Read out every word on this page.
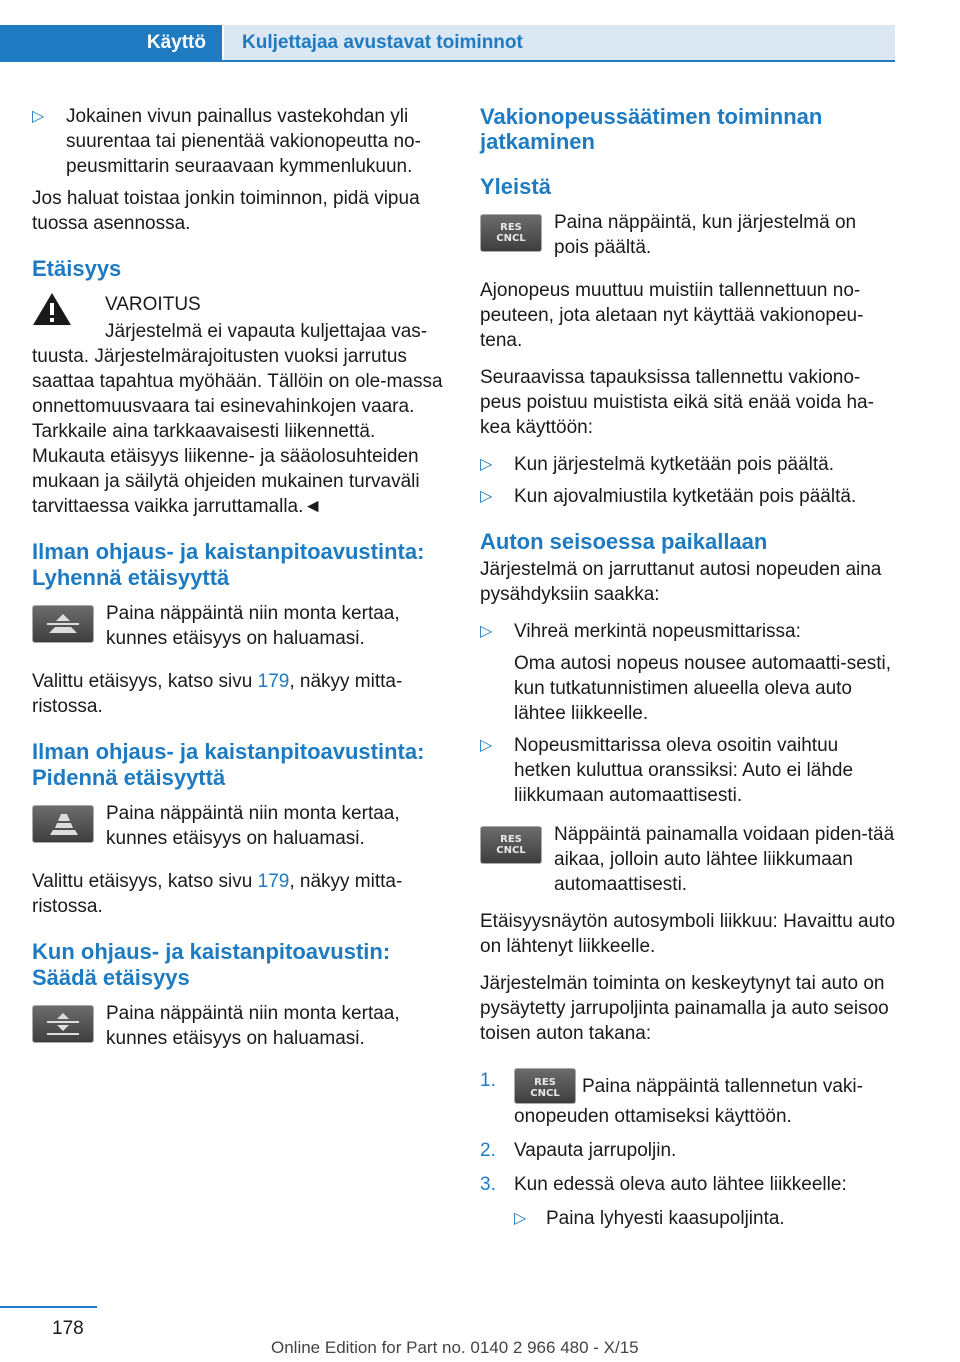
Käyttö	Kuljettajaa avustavat toiminnot
▷ Jokainen vivun painallus vastekohdan yli suurentaa tai pienentää vakionopeutta no-peusmittarin seuraavaan kymmenlukuun.

Jos haluat toistaa jonkin toiminnon, pidä vipua tuossa asennossa.

Etäisyys
VAROITUS
Järjestelmä ei vapauta kuljettajaa vas-

tuusta. Järjestelmärajoitusten vuoksi jarrutus saattaa tapahtua myöhään. Tällöin on ole-massa onnettomuusvaara tai esinevahinkojen vaara. Tarkkaile aina tarkkaavaisesti liikennettä. Mukauta etäisyys liikenne- ja sääolosuhteiden mukaan ja säilytä ohjeiden mukainen turvaväli tarvittaessa vaikka jarruttamalla.◄

Ilman ohjaus- ja kaistanpitoavustinta: Lyhennä etäisyyttä
Paina näppäintä niin monta kertaa, kunnes etäisyys on haluamasi.

Valittu etäisyys, katso sivu 179, näkyy mitta-ristossa.

Ilman ohjaus- ja kaistanpitoavustinta: Pidennä etäisyyttä
Paina näppäintä niin monta kertaa, kunnes etäisyys on haluamasi.

Valittu etäisyys, katso sivu 179, näkyy mitta-ristossa.

Kun ohjaus- ja kaistanpitoavustin: Säädä etäisyys
Paina näppäintä niin monta kertaa, kunnes etäisyys on haluamasi.
Vakionopeussäätimen toiminnan jatkaminen
Yleistä
RES
CNCL
Paina näppäintä, kun järjestelmä on pois päältä.

Ajonopeus muuttuu muistiin tallennettuun no-peuteen, jota aletaan nyt käyttää vakionopeu-tena.

Seuraavissa tapauksissa tallennettu vakiono-peus poistuu muistista eikä sitä enää voida ha-kea käyttöön:

▷ Kun järjestelmä kytketään pois päältä.
▷ Kun ajovalmiustila kytketään pois päältä.
Auton seisoessa paikallaan

Järjestelmä on jarruttanut autosi nopeuden aina pysähdyksiin saakka:

▷ Vihreä merkintä nopeusmittarissa:
Oma autosi nopeus nousee automaatti-sesti, kun tutkatunnistimen alueella oleva auto lähtee liikkeelle.
▷ Nopeusmittarissa oleva osoitin vaihtuu hetken kuluttua oranssiksi: Auto ei lähde liikkumaan automaattisesti.
RES
CNCL
Näppäintä painamalla voidaan piden-tää aikaa, jolloin auto lähtee liikkumaan automaattisesti.

Etäisyysnäytön autosymboli liikkuu: Havaittu auto on lähtenyt liikkeelle.

Järjestelmän toiminta on keskeytynyt tai auto on pysäytetty jarrupoljinta painamalla ja auto seisoo toisen auton takana:

1.	RES
CNCL	Paina näppäintä tallennetun vaki-onopeuden ottamiseksi käyttöön.
2. Vapauta jarrupoljin.
3. Kun edessä oleva auto lähtee liikkeelle:
▷ Paina lyhyesti kaasupoljinta.
178
Online Edition for Part no. 0140 2 966 480 - X/15
